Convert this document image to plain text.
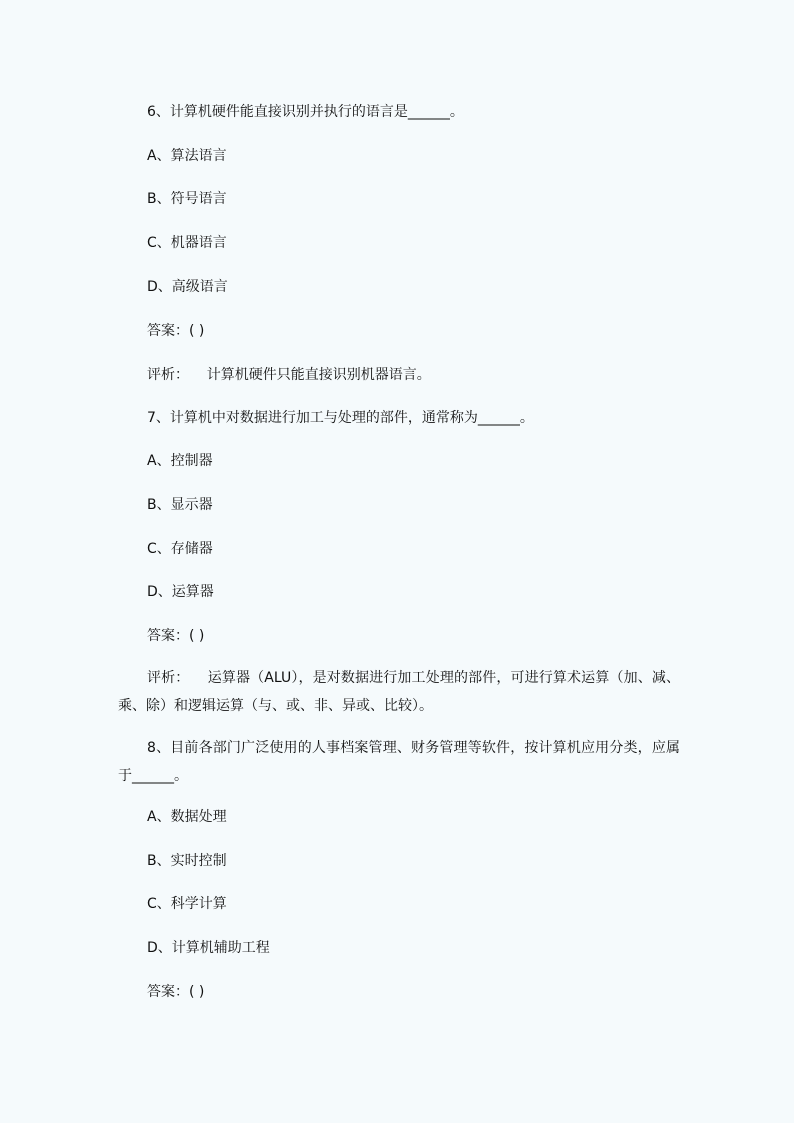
6、计算机硬件能直接识别并执行的语言是______。
A、算法语言
B、符号语言
C、机器语言
D、高级语言
答案：( )
评析：    计算机硬件只能直接识别机器语言。
7、计算机中对数据进行加工与处理的部件，通常称为______。
A、控制器
B、显示器
C、存储器
D、运算器
答案：( )
评析：    运算器（ALU），是对数据进行加工处理的部件，可进行算术运算（加、减、乘、除）和逻辑运算（与、或、非、异或、比较）。
8、目前各部门广泛使用的人事档案管理、财务管理等软件，按计算机应用分类，应属于______。
A、数据处理
B、实时控制
C、科学计算
D、计算机辅助工程
答案：( )
